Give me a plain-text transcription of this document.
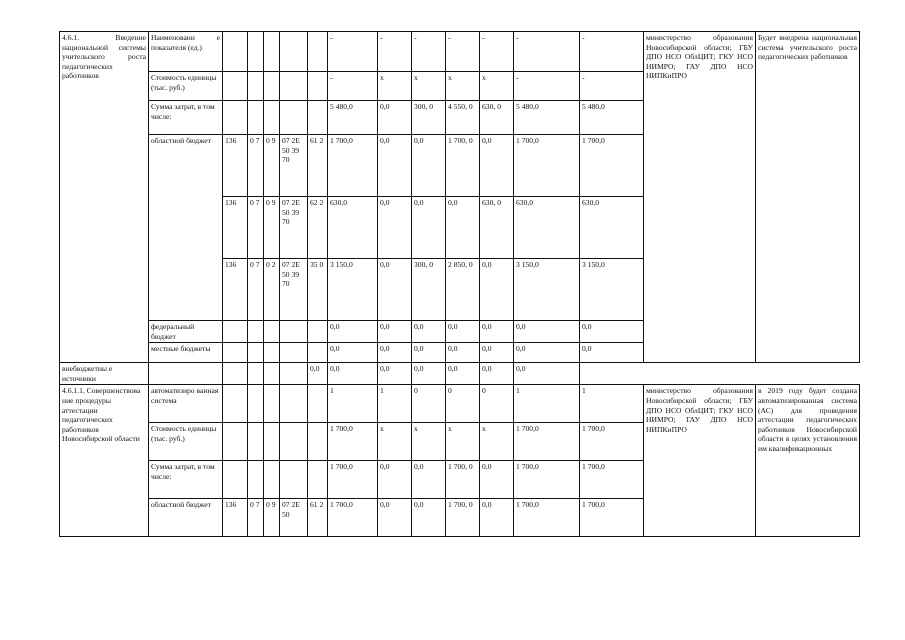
4.6.1. Введение национальной системы учительского роста педагогических работников	Наименовани е показателя (ед.)						-	-	-	-	-	-	-	министерство образования Новосибирской области; ГБУ ДПО НСО ОблЦИТ; ГКУ НСО НИМРО; ГАУ ДПО НСО НИПКиПРО	Будет внедрена национальная система учительского роста педагогических работников
	Стоимость единицы (тыс. руб.)						-	x	x	x	x	-	-		
	Сумма затрат, в том числе:						5 480,0	0,0	300, 0	4 550, 0	630, 0	5 480,0	5 480,0		
	областной бюджет	136	0 7	0 9	07 2Е 50 39 70	61 2	1 700,0	0,0	0,0	1 700, 0	0,0	1 700,0	1 700,0		
		136	0 7	0 9	07 2Е 50 39 70	62 2	630,0	0,0	0,0	0,0	630, 0	630,0	630,0		
		136	0 7	0 2	07 2Е 50 39 70	35 0	3 150,0	0,0	300, 0	2 850, 0	0,0	3 150,0	3 150,0		
	федеральный бюджет						0,0	0,0	0,0	0,0	0,0	0,0	0,0		
	местные бюджеты						0,0	0,0	0,0	0,0	0,0	0,0	0,0		
внебюджетны е источники						0,0	0,0	0,0	0,0	0,0	0,0	0,0			
4.6.1.1. Совершенствова ние процедуры аттестации педагогических работников Новосибирской области	автоматизиро ванная система						1	1	0	0	0	1	1	министерство образования Новосибирской области; ГБУ ДПО НСО ОблЦИТ; ГКУ НСО НИМРО; ГАУ ДПО НСО НИПКиПРО	в 2019 году будет создана автоматизированная система (АС) для проведения аттестации педагогических работников Новосибирской области в целях установления им квалификационных
	Стоимость единицы (тыс. руб.)						1 700,0	x	x	x	x	1 700,0	1 700,0		
	Сумма затрат, в том числе:						1 700,0	0,0	0,0	1 700, 0	0,0	1 700,0	1 700,0		
	областной бюджет	136	0 7	0 9	07 2Е 50	61 2	1 700,0	0,0	0,0	1 700, 0	0,0	1 700,0	1 700,0		
